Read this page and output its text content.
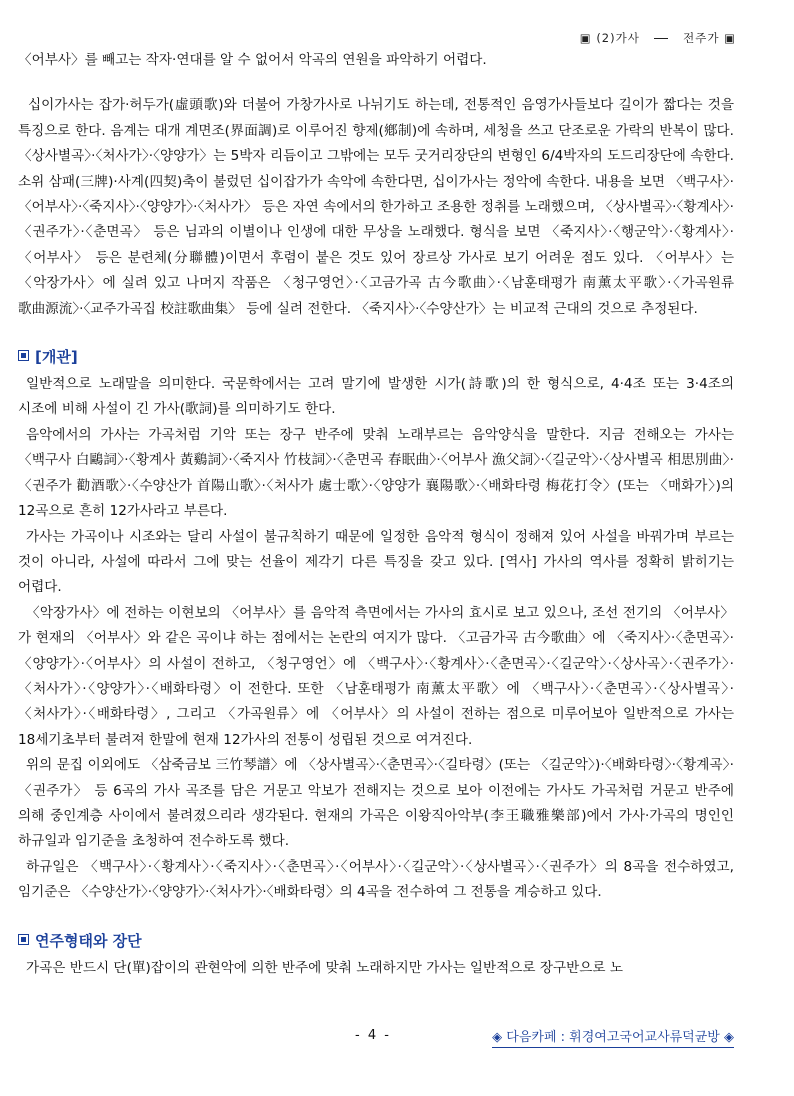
▣ (2)가사	전주가 ▣

〈어부사〉를 빼고는 작자·연대를 알 수 없어서 악곡의 연원을 파악하기 어렵다.

십이가사는 잡가·허두가(虛頭歌)와 더불어 가창가사로 나뉘기도 하는데, 전통적인 음영가사들보다 길이가 짧다는 것을 특징으로 한다. 음계는 대개 계면조(界面調)로 이루어진 향제(鄕制)에 속하며, 세청을 쓰고 단조로운 가락의 반복이 많다. 〈상사별곡〉·〈처사가〉·〈양양가〉는 5박자 리듬이고 그밖에는 모두 굿거리장단의 변형인 6/4박자의 도드리장단에 속한다. 소위 삼패(三牌)·사계(四契)축이 불렀던 십이잡가가 속악에 속한다면, 십이가사는 정악에 속한다. 내용을 보면 〈백구사〉·〈어부사〉·〈죽지사〉·〈양양가〉·〈처사가〉 등은 자연 속에서의 한가하고 조용한 정취를 노래했으며, 〈상사별곡〉·〈황계사〉·〈권주가〉·〈춘면곡〉 등은 님과의 이별이나 인생에 대한 무상을 노래했다. 형식을 보면 〈죽지사〉·〈행군악〉·〈황계사〉·〈어부사〉 등은 분련체(分聯體)이면서 후렴이 붙은 것도 있어 장르상 가사로 보기 어려운 점도 있다. 〈어부사〉는 〈악장가사〉에 실려 있고 나머지 작품은 〈청구영언〉·〈고금가곡 古今歌曲〉·〈남훈태평가 南薰太平歌〉·〈가곡원류 歌曲源流〉·〈교주가곡집 校註歌曲集〉 등에 실려 전한다. 〈죽지사〉·〈수양산가〉는 비교적 근대의 것으로 추정된다.

[개관]

일반적으로 노래말을 의미한다. 국문학에서는 고려 말기에 발생한 시가(詩歌)의 한 형식으로, 4·4조 또는 3·4조의 시조에 비해 사설이 긴 가사(歌詞)를 의미하기도 한다.

음악에서의 가사는 가곡처럼 기악 또는 장구 반주에 맞춰 노래부르는 음악양식을 말한다. 지금 전해오는 가사는 〈백구사 白鷗詞〉·〈황계사 黃鷄詞〉·〈죽지사 竹枝詞〉·〈춘면곡 春眠曲〉·〈어부사 漁父詞〉·〈길군악〉·〈상사별곡 相思別曲〉·〈권주가 勸酒歌〉·〈수양산가 首陽山歌〉·〈처사가 處士歌〉·〈양양가 襄陽歌〉·〈배화타령 梅花打令〉(또는 〈매화가〉)의 12곡으로 흔히 12가사라고 부른다.

가사는 가곡이나 시조와는 달리 사설이 불규칙하기 때문에 일정한 음악적 형식이 정해져 있어 사설을 바꿔가며 부르는 것이 아니라, 사설에 따라서 그에 맞는 선율이 제각기 다른 특징을 갖고 있다. [역사] 가사의 역사를 정확히 밝히기는 어렵다.

〈악장가사〉에 전하는 이현보의 〈어부사〉를 음악적 측면에서는 가사의 효시로 보고 있으나, 조선 전기의 〈어부사〉가 현재의 〈어부사〉와 같은 곡이냐 하는 점에서는 논란의 여지가 많다. 〈고금가곡 古今歌曲〉에 〈죽지사〉·〈춘면곡〉·〈양양가〉·〈어부사〉의 사설이 전하고, 〈청구영언〉에 〈백구사〉·〈황계사〉·〈춘면곡〉·〈길군악〉·〈상사곡〉·〈권주가〉·〈처사가〉·〈양양가〉·〈배화타령〉이 전한다. 또한 〈남훈태평가 南薰太平歌〉에 〈백구사〉·〈춘면곡〉·〈상사별곡〉·〈처사가〉·〈배화타령〉, 그리고 〈가곡원류〉에 〈어부사〉의 사설이 전하는 점으로 미루어보아 일반적으로 가사는 18세기초부터 불려져 한말에 현재 12가사의 전통이 성립된 것으로 여겨진다.

위의 문집 이외에도 〈삼죽금보 三竹琴譜〉에 〈상사별곡〉·〈춘면곡〉·〈길타령〉(또는 〈길군악〉)·〈배화타령〉·〈황계곡〉·〈권주가〉 등 6곡의 가사 곡조를 담은 거문고 악보가 전해지는 것으로 보아 이전에는 가사도 가곡처럼 거문고 반주에 의해 중인계층 사이에서 불려졌으리라 생각된다. 현재의 가곡은 이왕직아악부(李王職雅樂部)에서 가사·가곡의 명인인 하규일과 임기준을 초청하여 전수하도록 했다.

하규일은 〈백구사〉·〈황계사〉·〈죽지사〉·〈춘면곡〉·〈어부사〉·〈길군악〉·〈상사별곡〉·〈권주가〉의 8곡을 전수하였고, 임기준은 〈수양산가〉·〈양양가〉·〈처사가〉·〈배화타령〉의 4곡을 전수하여 그 전통을 계승하고 있다.

연주형태와 장단

가곡은 반드시 단(單)잡이의 관현악에 의한 반주에 맞춰 노래하지만 가사는 일반적으로 장구반으로 노

- 4 -	◈ 다음카페 : 휘경여고국어교사류덕균방 ◈
